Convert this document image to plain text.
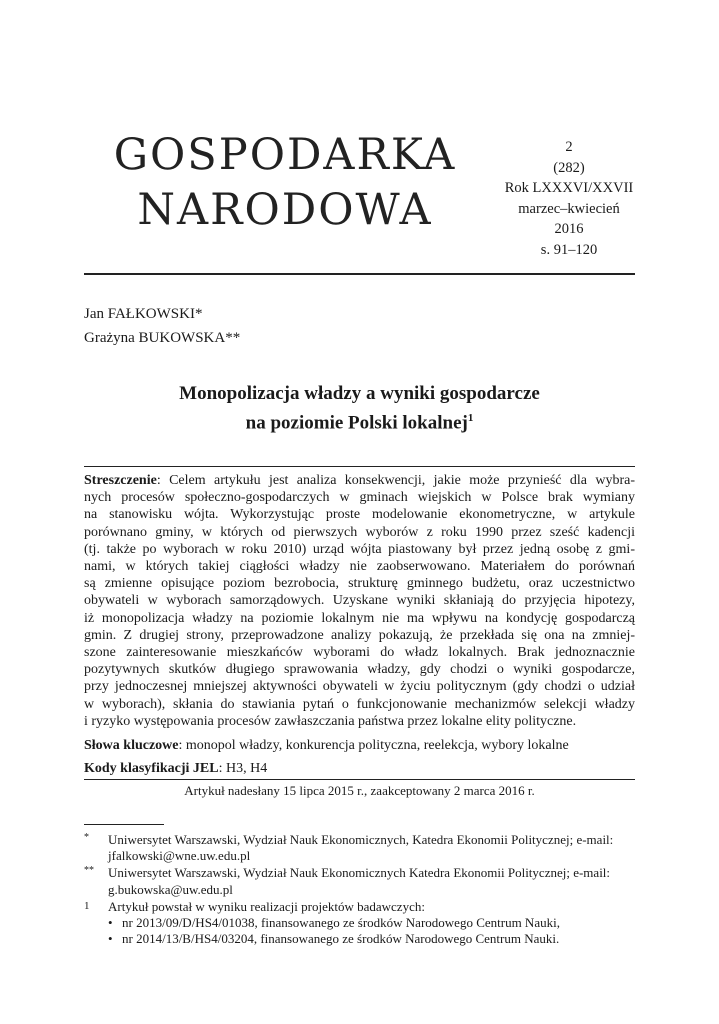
GOSPODARKA
NARODOWA
2
(282)
Rok LXXXVI/XXVII
marzec–kwiecień
2016
s. 91–120
Jan FAŁKOWSKI*
Grażyna BUKOWSKA**
Monopolizacja władzy a wyniki gospodarcze
na poziomie Polski lokalnej$^1$

Streszczenie: Celem artykułu jest analiza konsekwencji, jakie może przynieść dla wybra-
nych procesów społeczno-gospodarczych w gminach wiejskich w Polsce brak wymiany
na stanowisku wójta. Wykorzystując proste modelowanie ekonometryczne, w artykule
porównano gminy, w których od pierwszych wyborów z roku 1990 przez sześć kadencji
(tj. także po wyborach w roku 2010) urząd wójta piastowany był przez jedną osobę z gmi-
nami, w których takiej ciągłości władzy nie zaobserwowano. Materiałem do porównań
są zmienne opisujące poziom bezrobocia, strukturę gminnego budżetu, oraz uczestnictwo
obywateli w wyborach samorządowych. Uzyskane wyniki skłaniają do przyjęcia hipotezy,
iż monopolizacja władzy na poziomie lokalnym nie ma wpływu na kondycję gospodarczą
gmin. Z drugiej strony, przeprowadzone analizy pokazują, że przekłada się ona na zmniej-
szone zainteresowanie mieszkańców wyborami do władz lokalnych. Brak jednoznacznie
pozytywnych skutków długiego sprawowania władzy, gdy chodzi o wyniki gospodarcze,
przy jednoczesnej mniejszej aktywności obywateli w życiu politycznym (gdy chodzi o udział
w wyborach), skłania do stawiania pytań o funkcjonowanie mechanizmów selekcji władzy
i ryzyko występowania procesów zawłaszczania państwa przez lokalne elity polityczne.

Słowa kluczowe: monopol władzy, konkurencja polityczna, reelekcja, wybory lokalne

Kody klasyfikacji JEL: H3, H4

Artykuł nadesłany 15 lipca 2015 r., zaakceptowany 2 marca 2016 r.
* Uniwersytet Warszawski, Wydział Nauk Ekonomicznych, Katedra Ekonomii Politycznej; e-mail:
jfalkowski@wne.uw.edu.pl
** Uniwersytet Warszawski, Wydział Nauk Ekonomicznych Katedra Ekonomii Politycznej; e-mail:
g.bukowska@uw.edu.pl
1 Artykuł powstał w wyniku realizacji projektów badawczych:
• nr 2013/09/D/HS4/01038, finansowanego ze środków Narodowego Centrum Nauki,
• nr 2014/13/B/HS4/03204, finansowanego ze środków Narodowego Centrum Nauki.
